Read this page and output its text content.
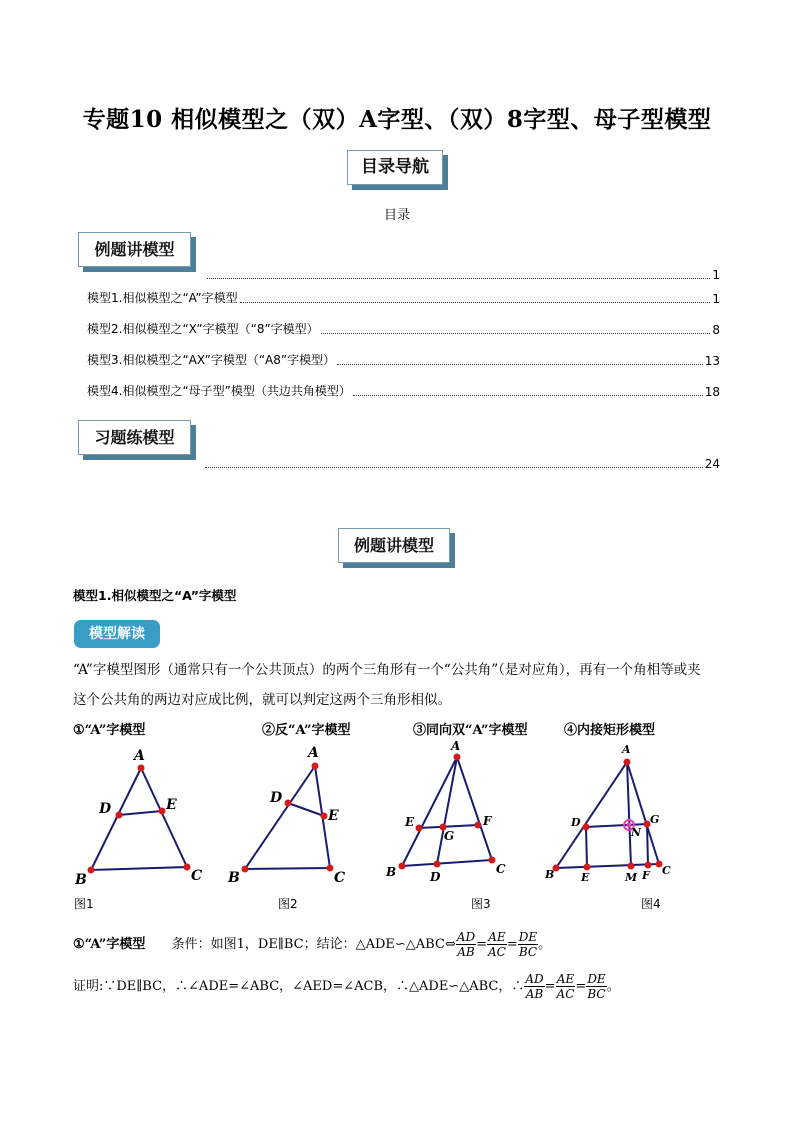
专题10 相似模型之（双）A字型、（双）8字型、母子型模型
目录导航
目录
例题讲模型
1
模型1.相似模型之“A”字模型	1
模型2.相似模型之“X”字模型（“8”字模型）	8
模型3.相似模型之“AX”字模型（“A8”字模型）	13
模型4.相似模型之“母子型”模型（共边共角模型）	18
习题练模型
24
例题讲模型
模型1.相似模型之“A”字模型
模型解读
“A”字模型图形（通常只有一个公共顶点）的两个三角形有一个“公共角”（是对应角），再有一个角相等或夹
这个公共角的两边对应成比例，就可以判定这两个三角形相似。
①“A”字模型	②反“A”字模型	③同向双“A”字模型	④内接矩形模型
A
D	E
B	C
A
D
E
B	C
A
E	F
G
B	D
C
A
D	G
N
B E	M F C
图1	图2	图3	图4
①“A”字模型 条件：如图1，DE∥BC；结论：△ADE∽△ABC⇔ $\frac{AD}{AB} = \frac{AE}{AC} = \frac{DE}{BC}$ 。
证明:∵DE∥BC，∴∠ADE=∠ABC，∠AED=∠ACB，∴△ADE∽△ABC，∴ $\frac{AD}{AB} = \frac{AE}{AC} = \frac{DE}{BC}$ 。
